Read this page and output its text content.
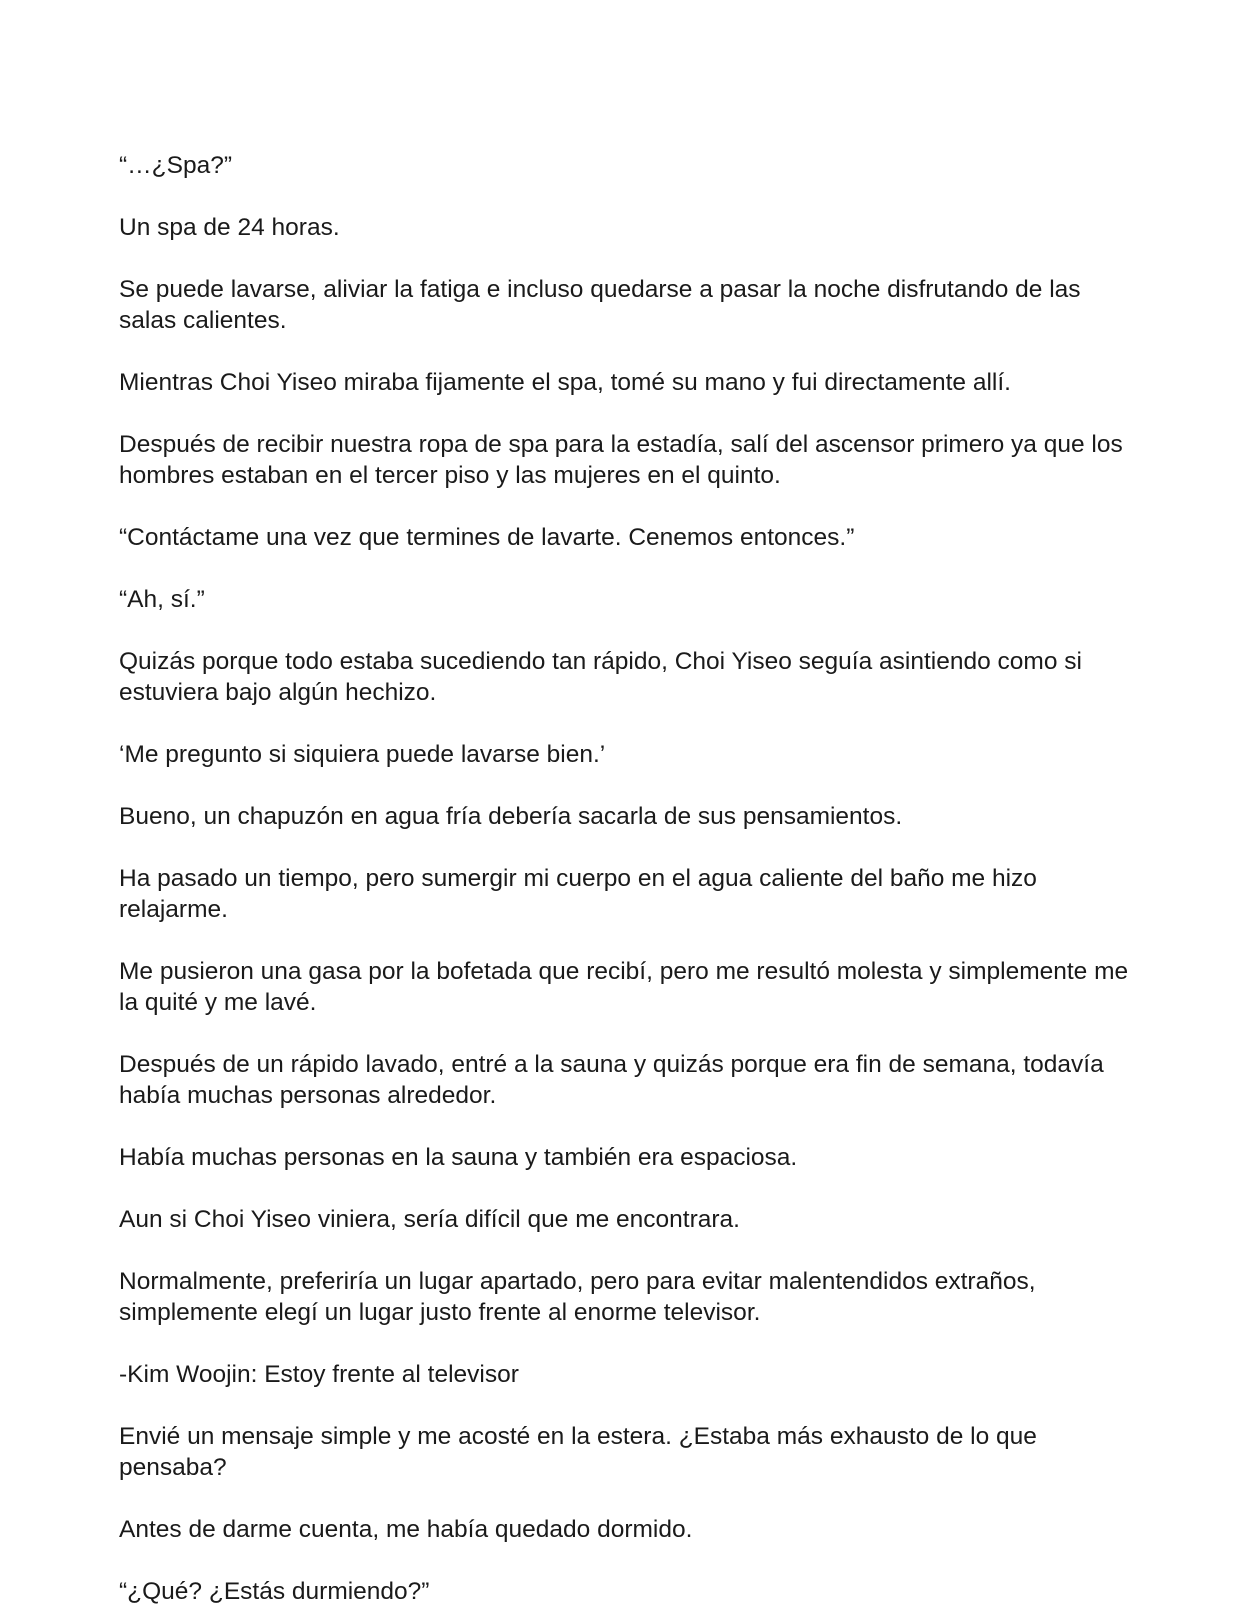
“…¿Spa?”

Un spa de 24 horas.

Se puede lavarse, aliviar la fatiga e incluso quedarse a pasar la noche disfrutando de las salas calientes.

Mientras Choi Yiseo miraba fijamente el spa, tomé su mano y fui directamente allí.

Después de recibir nuestra ropa de spa para la estadía, salí del ascensor primero ya que los hombres estaban en el tercer piso y las mujeres en el quinto.

“Contáctame una vez que termines de lavarte. Cenemos entonces.”

“Ah, sí.”

Quizás porque todo estaba sucediendo tan rápido, Choi Yiseo seguía asintiendo como si estuviera bajo algún hechizo.

‘Me pregunto si siquiera puede lavarse bien.’

Bueno, un chapuzón en agua fría debería sacarla de sus pensamientos.

Ha pasado un tiempo, pero sumergir mi cuerpo en el agua caliente del baño me hizo relajarme.

Me pusieron una gasa por la bofetada que recibí, pero me resultó molesta y simplemente me la quité y me lavé.

Después de un rápido lavado, entré a la sauna y quizás porque era fin de semana, todavía había muchas personas alrededor.

Había muchas personas en la sauna y también era espaciosa.

Aun si Choi Yiseo viniera, sería difícil que me encontrara.

Normalmente, preferiría un lugar apartado, pero para evitar malentendidos extraños, simplemente elegí un lugar justo frente al enorme televisor.

-Kim Woojin: Estoy frente al televisor

Envié un mensaje simple y me acosté en la estera. ¿Estaba más exhausto de lo que pensaba?

Antes de darme cuenta, me había quedado dormido.

“¿Qué? ¿Estás durmiendo?”
